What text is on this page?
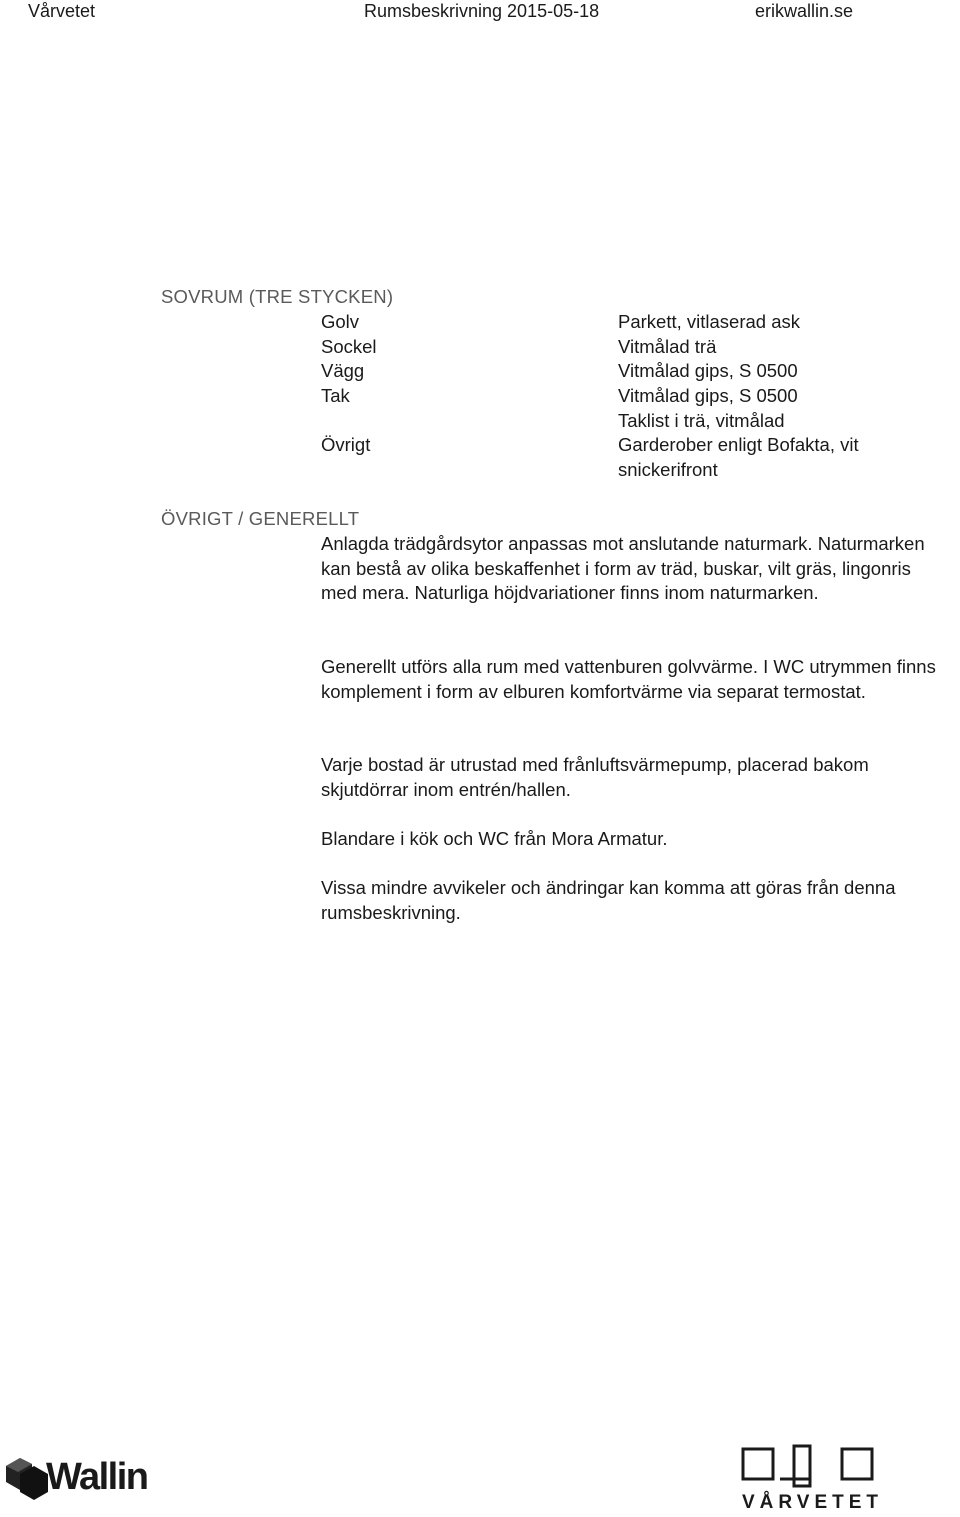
Vårvetet	Rumsbeskrivning 2015-05-18	erikwallin.se
SOVRUM (TRE STYCKEN)
Golv	Parkett, vitlaserad ask
Sockel	Vitmålad trä
Vägg	Vitmålad gips, S 0500
Tak	Vitmålad gips, S 0500
Taklist i trä, vitmålad
Övrigt	Garderober enligt Bofakta, vit
snickerifront
ÖVRIGT / GENERELLT

Anlagda trädgårdsytor anpassas mot anslutande naturmark. Naturmarken kan bestå av olika beskaffenhet i form av träd, buskar, vilt gräs, lingonris med mera. Naturliga höjdvariationer finns inom naturmarken.

Generellt utförs alla rum med vattenburen golvvärme. I WC utrymmen finns komplement i form av elburen komfortvärme via separat termostat.

Varje bostad är utrustad med frånluftsvärmepump, placerad bakom skjutdörrar inom entrén/hallen.

Blandare i kök och WC från Mora Armatur.

Vissa mindre avvikeler och ändringar kan komma att göras från denna rumsbeskrivning.

Wallin
VÅRVETET
